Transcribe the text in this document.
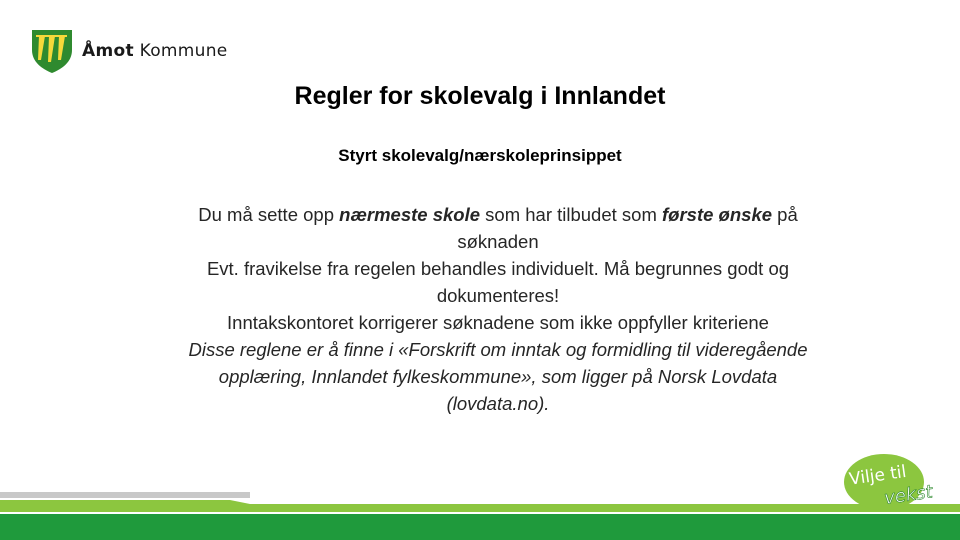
Åmot Kommune
Regler for skolevalg i Innlandet
Styrt skolevalg/nærskoleprinsippet

Du må sette opp nærmeste skole som har tilbudet som første ønske på søknaden

Evt. fravikelse fra regelen behandles individuelt. Må begrunnes godt og dokumenteres!

Inntakskontoret korrigerer søknadene som ikke oppfyller kriteriene

Disse reglene er å finne i «Forskrift om inntak og formidling til videregående opplæring, Innlandet fylkeskommune», som ligger på Norsk Lovdata (lovdata.no).

Vilje til
vekst
